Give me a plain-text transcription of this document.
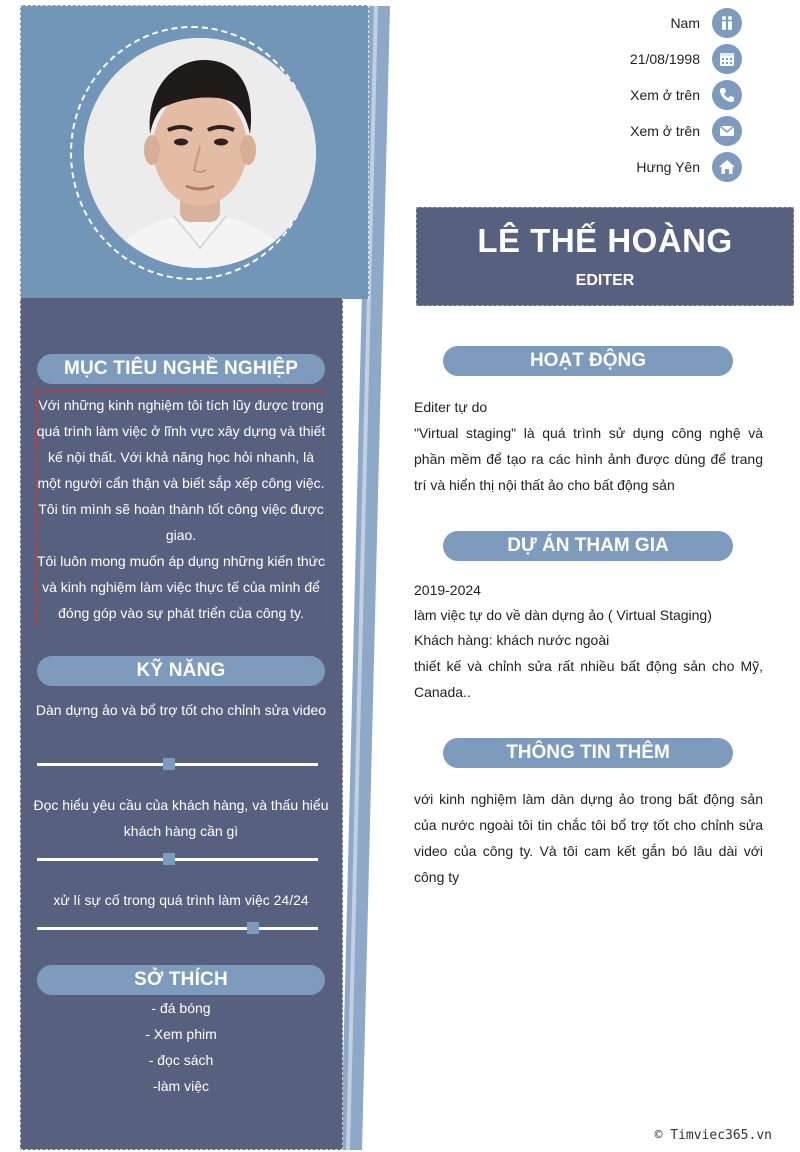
MỤC TIÊU NGHỀ NGHIỆP
Với những kinh nghiệm tôi tích lũy được trong quá trình làm việc ở lĩnh vực xây dựng và thiết kế nội thất. Với khả năng học hỏi nhanh, là một người cẩn thận và biết sắp xếp công việc. Tôi tin mình sẽ hoàn thành tốt công việc được giao.
Tôi luôn mong muốn áp dụng những kiến thức và kinh nghiệm làm việc thực tế của mình để đóng góp vào sự phát triển của công ty.
KỸ NĂNG
Dàn dựng ảo và bổ trợ tốt cho chỉnh sửa video
Đọc hiểu yêu cầu của khách hàng, và thấu hiểu khách hàng cần gì
xử lí sự cố trong quá trình làm việc 24/24
SỞ THÍCH
- đá bóng
- Xem phim
- đọc sách
-làm việc
Nam
21/08/1998
Xem ở trên
Xem ở trên
Hưng Yên
LÊ THẾ HOÀNG
EDITER
HOẠT ĐỘNG
Editer tự do
"Virtual staging" là quá trình sử dụng công nghệ và phần mềm để tạo ra các hình ảnh được dùng để trang trí và hiển thị nội thất ảo cho bất động sản
DỰ ÁN THAM GIA
2019-2024
làm việc tự do về dàn dựng ảo ( Virtual Staging)
Khách hàng: khách nước ngoài
thiết kế và chỉnh sửa rất nhiều bất động sản cho Mỹ, Canada..
THÔNG TIN THÊM
với kinh nghiệm làm dàn dựng ảo trong bất động sản của nước ngoài tôi tin chắc tôi bổ trợ tốt cho chỉnh sửa video của công ty. Và tôi cam kết gắn bó lâu dài với công ty
© Timviec365.vn
